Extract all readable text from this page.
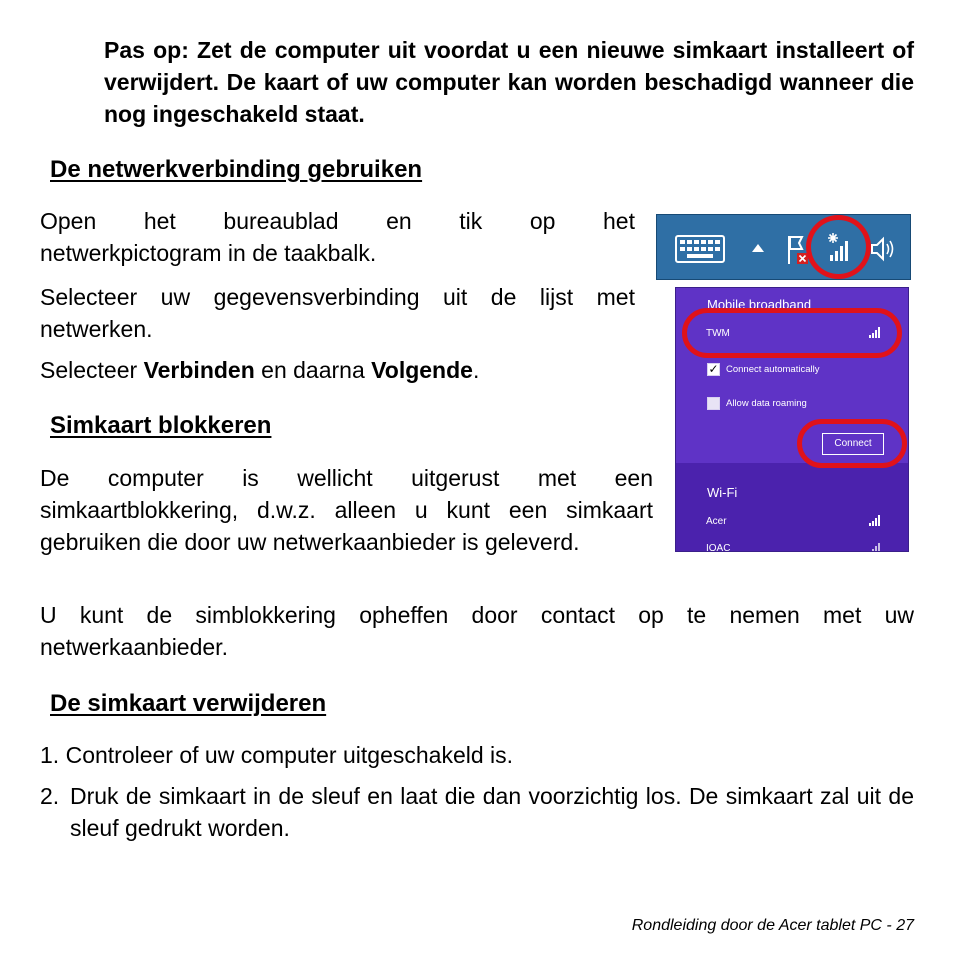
Pas op: Zet de computer uit voordat u een nieuwe simkaart installeert of verwijdert. De kaart of uw computer kan worden beschadigd wanneer die nog ingeschakeld staat.
De netwerkverbinding gebruiken
Open het bureaublad en tik op het
netwerkpictogram in de taakbalk.
Selecteer uw gegevensverbinding uit de lijst met netwerken.
Selecteer Verbinden en daarna Volgende.
Simkaart blokkeren
De computer is wellicht uitgerust met een simkaartblokkering, d.w.z. alleen u kunt een simkaart gebruiken die door uw netwerkaanbieder is geleverd.
U kunt de simblokkering opheffen door contact op te nemen met uw netwerkaanbieder.
De simkaart verwijderen
1. Controleer of uw computer uitgeschakeld is.
2. Druk de simkaart in de sleuf en laat die dan voorzichtig los. De simkaart zal uit de sleuf gedrukt worden.
Mobile broadband
TWM
✓ Connect automatically
Allow data roaming
Connect
Wi-Fi
Acer
IOAC
Rondleiding door de Acer tablet PC - 27
